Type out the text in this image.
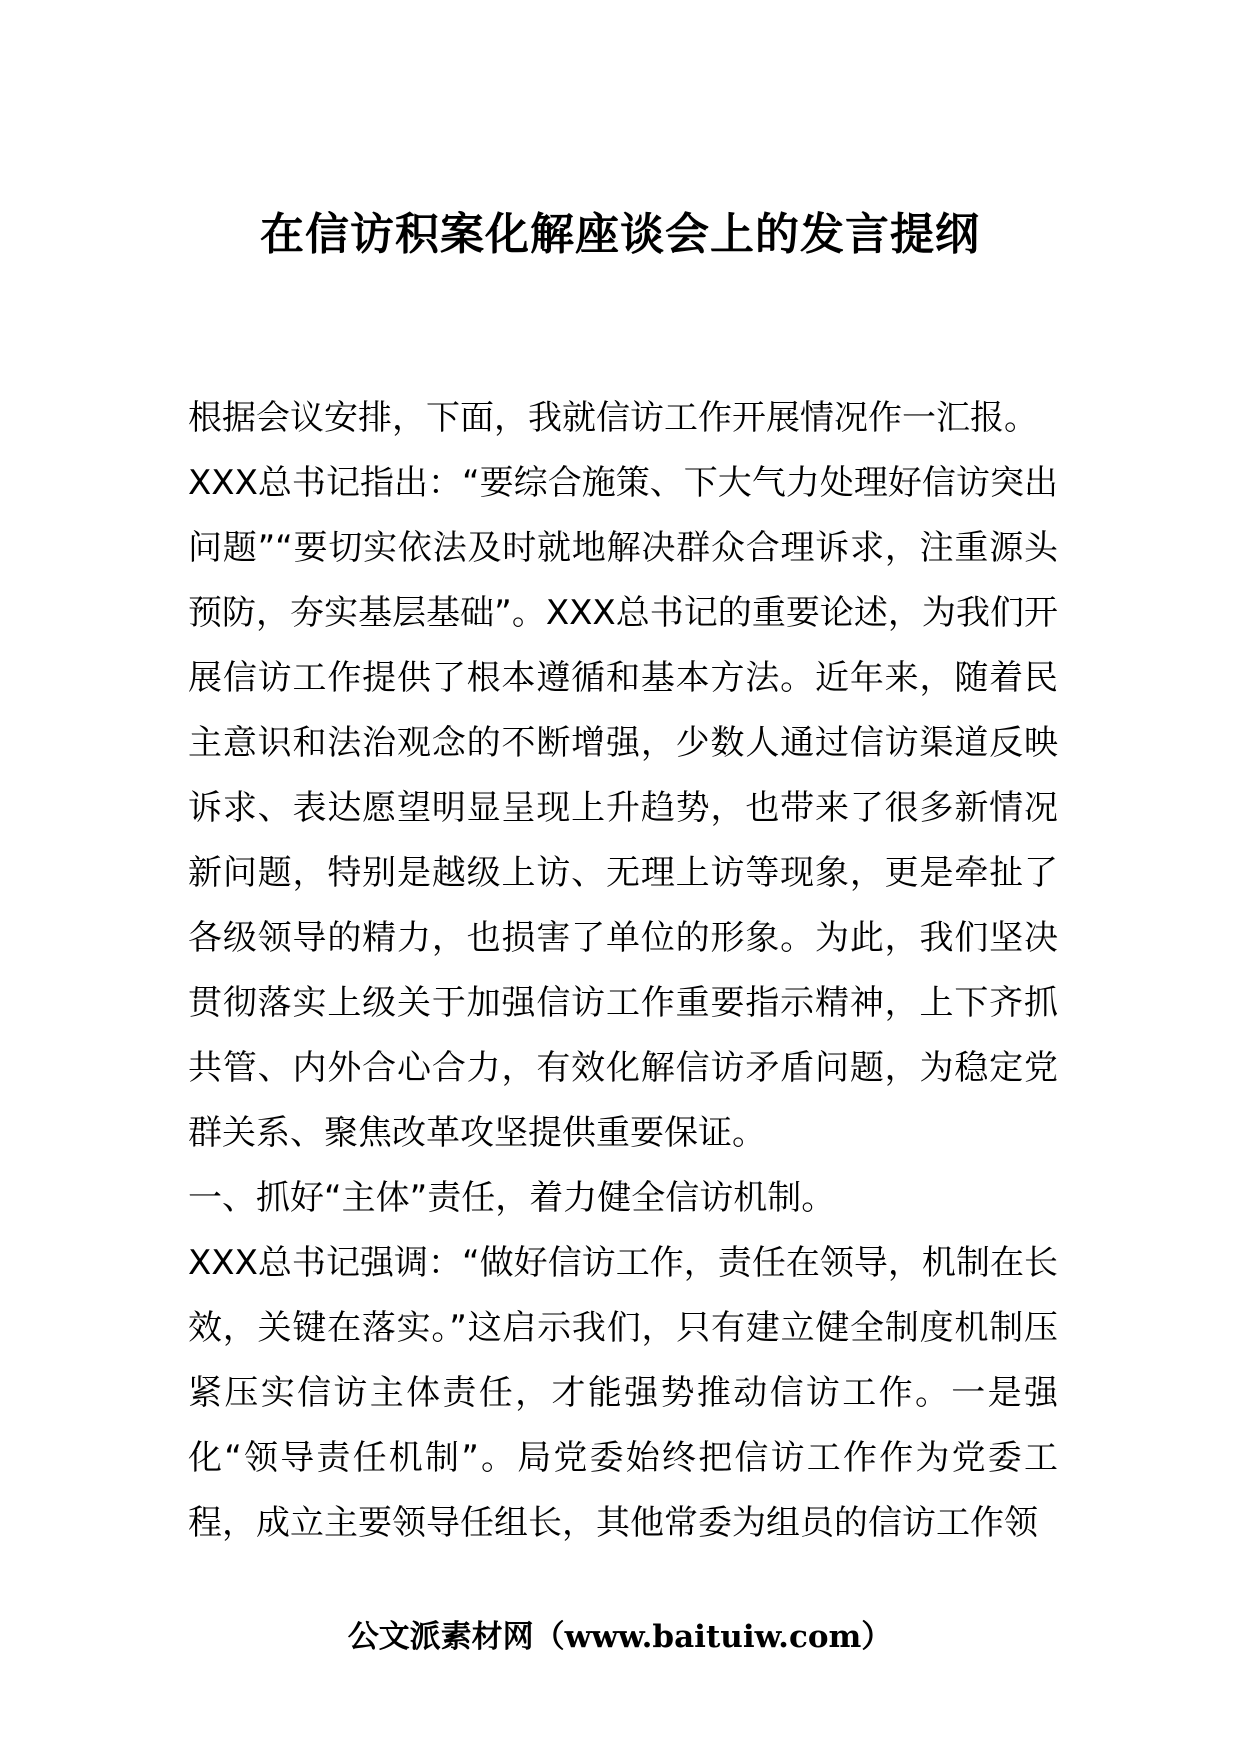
在信访积案化解座谈会上的发言提纲

根据会议安排，下面，我就信访工作开展情况作一汇报。

XXX总书记指出：“要综合施策、下大气力处理好信访突出问题”“要切实依法及时就地解决群众合理诉求，注重源头预防，夯实基层基础”。XXX总书记的重要论述，为我们开展信访工作提供了根本遵循和基本方法。近年来，随着民主意识和法治观念的不断增强，少数人通过信访渠道反映诉求、表达愿望明显呈现上升趋势，也带来了很多新情况新问题，特别是越级上访、无理上访等现象，更是牵扯了各级领导的精力，也损害了单位的形象。为此，我们坚决贯彻落实上级关于加强信访工作重要指示精神，上下齐抓共管、内外合心合力，有效化解信访矛盾问题，为稳定党群关系、聚焦改革攻坚提供重要保证。

一、抓好“主体”责任，着力健全信访机制。

XXX总书记强调：“做好信访工作，责任在领导，机制在长效，关键在落实。”这启示我们，只有建立健全制度机制压紧压实信访主体责任，才能强势推动信访工作。一是强化“领导责任机制”。局党委始终把信访工作作为党委工程，成立主要领导任组长，其他常委为组员的信访工作领

公文派素材网（www.baituiw.com）
